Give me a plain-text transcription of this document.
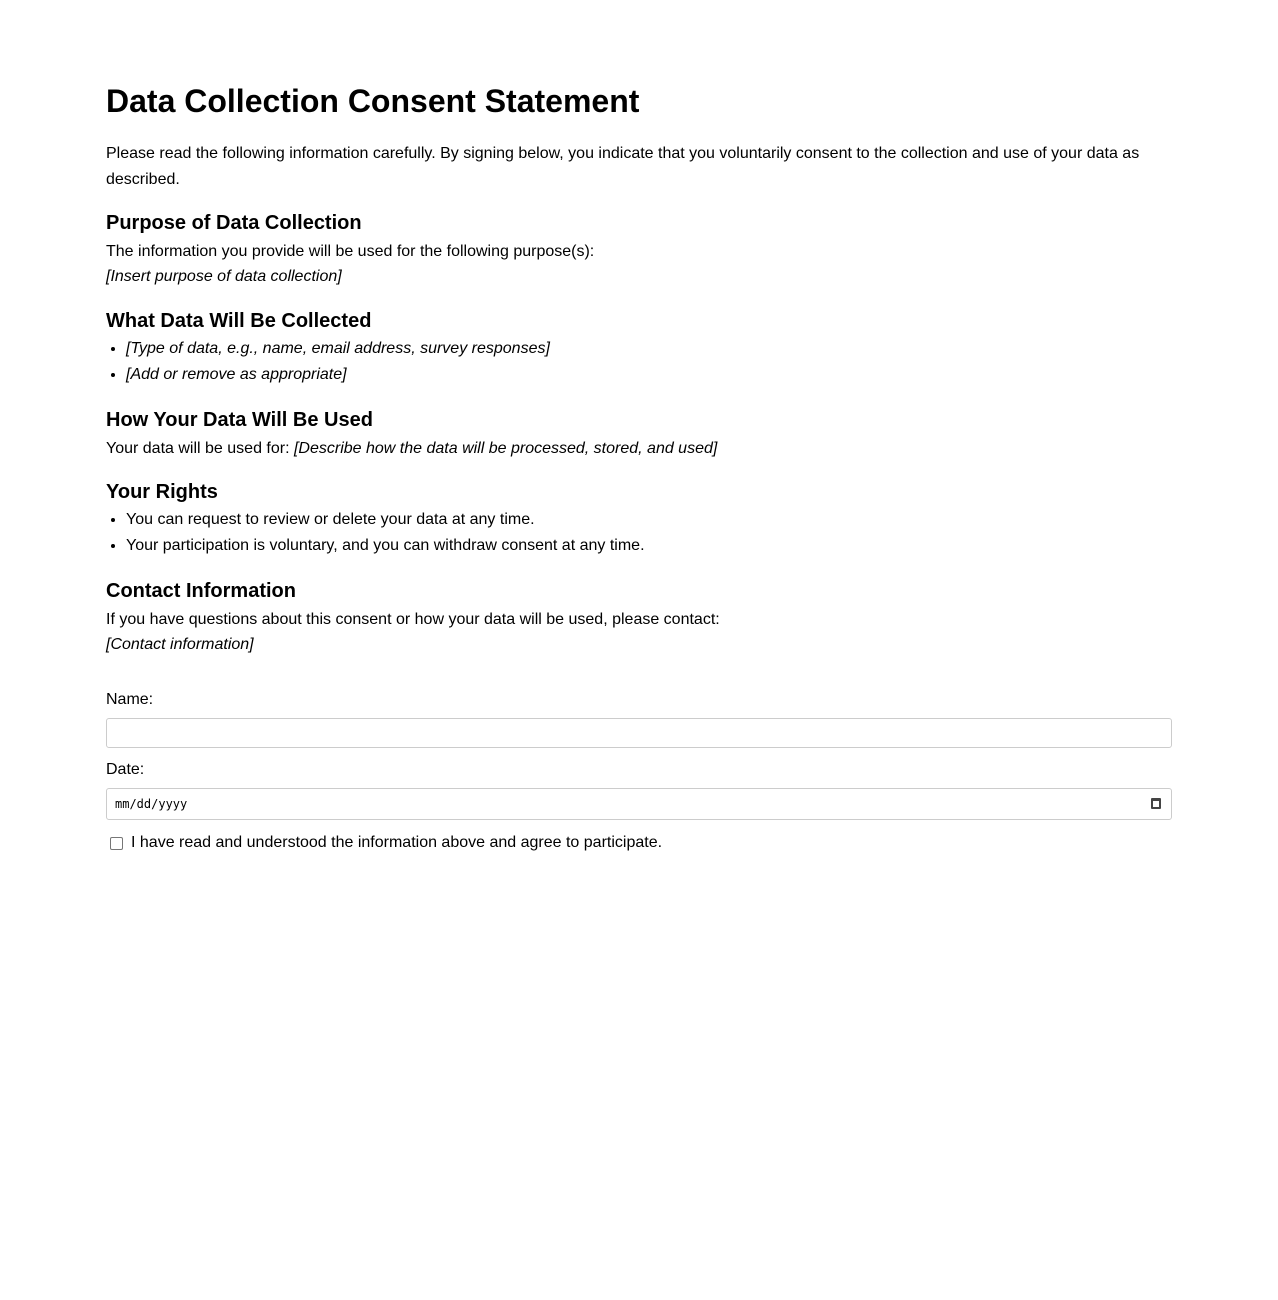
Data Collection Consent Statement

Please read the following information carefully. By signing below, you indicate that you voluntarily consent to the collection and use of your data as described.

Purpose of Data Collection

The information you provide will be used for the following purpose(s):

[Insert purpose of data collection]

What Data Will Be Collected
• [Type of data, e.g., name, email address, survey responses]
• [Add or remove as appropriate]
How Your Data Will Be Used

Your data will be used for: [Describe how the data will be processed, stored, and used]

Your Rights
• You can request to review or delete your data at any time.
• Your participation is voluntary, and you can withdraw consent at any time.
Contact Information

If you have questions about this consent or how your data will be used, please contact:

[Contact information]

Name:
Date:
mm/dd/yyyy
I have read and understood the information above and agree to participate.
